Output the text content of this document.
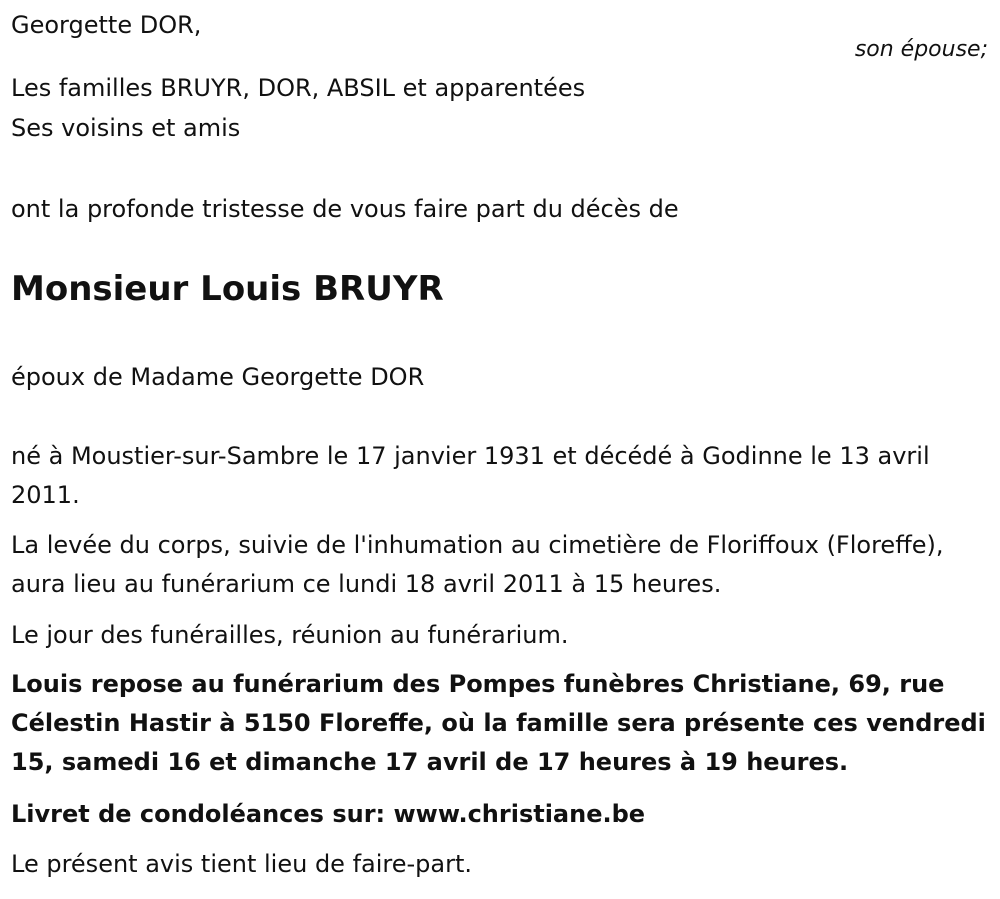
Georgette DOR,
son épouse;
Les familles BRUYR, DOR, ABSIL et apparentées
Ses voisins et amis
ont la profonde tristesse de vous faire part du décès de
Monsieur Louis BRUYR
époux de Madame Georgette DOR
né à Moustier-sur-Sambre le 17 janvier 1931 et décédé à Godinne le 13 avril 2011.
La levée du corps, suivie de l'inhumation au cimetière de Floriffoux (Floreffe), aura lieu au funérarium ce lundi 18 avril 2011 à 15 heures.
Le jour des funérailles, réunion au funérarium.
Louis repose au funérarium des Pompes funèbres Christiane, 69, rue Célestin Hastir à 5150 Floreffe, où la famille sera présente ces vendredi 15, samedi 16 et dimanche 17 avril de 17 heures à 19 heures.
Livret de condoléances sur: www.christiane.be
Le présent avis tient lieu de faire-part.
